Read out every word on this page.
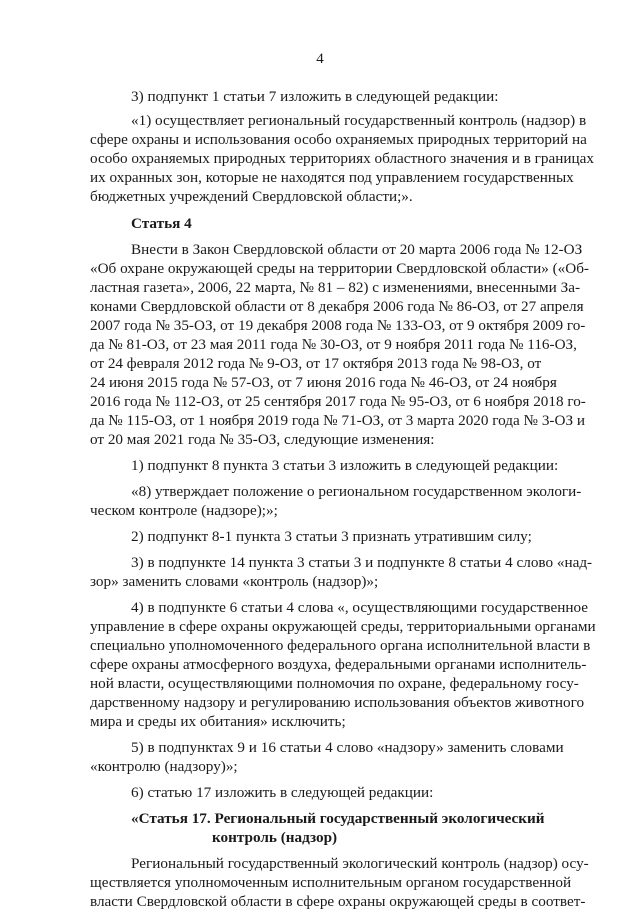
4
3) подпункт 1 статьи 7 изложить в следующей редакции:
«1) осуществляет региональный государственный контроль (надзор) в
сфере охраны и использования особо охраняемых природных территорий на
особо охраняемых природных территориях областного значения и в границах
их охранных зон, которые не находятся под управлением государственных
бюджетных учреждений Свердловской области;».
Статья 4
Внести в Закон Свердловской области от 20 марта 2006 года № 12-ОЗ
«Об охране окружающей среды на территории Свердловской области» («Об-
ластная газета», 2006, 22 марта, № 81 – 82) с изменениями, внесенными За-
конами Свердловской области от 8 декабря 2006 года № 86-ОЗ, от 27 апреля
2007 года № 35-ОЗ, от 19 декабря 2008 года № 133-ОЗ, от 9 октября 2009 го-
да № 81-ОЗ, от 23 мая 2011 года № 30-ОЗ, от 9 ноября 2011 года № 116-ОЗ,
от 24 февраля 2012 года № 9-ОЗ, от 17 октября 2013 года № 98-ОЗ, от
24 июня 2015 года № 57-ОЗ, от 7 июня 2016 года № 46-ОЗ, от 24 ноября
2016 года № 112-ОЗ, от 25 сентября 2017 года № 95-ОЗ, от 6 ноября 2018 го-
да № 115-ОЗ, от 1 ноября 2019 года № 71-ОЗ, от 3 марта 2020 года № 3-ОЗ и
от 20 мая 2021 года № 35-ОЗ, следующие изменения:
1) подпункт 8 пункта 3 статьи 3 изложить в следующей редакции:
«8) утверждает положение о региональном государственном экологи-
ческом контроле (надзоре);»;
2) подпункт 8-1 пункта 3 статьи 3 признать утратившим силу;
3) в подпункте 14 пункта 3 статьи 3 и подпункте 8 статьи 4 слово «над-
зор» заменить словами «контроль (надзор)»;
4) в подпункте 6 статьи 4 слова «, осуществляющими государственное
управление в сфере охраны окружающей среды, территориальными органами
специально уполномоченного федерального органа исполнительной власти в
сфере охраны атмосферного воздуха, федеральными органами исполнитель-
ной власти, осуществляющими полномочия по охране, федеральному госу-
дарственному надзору и регулированию использования объектов животного
мира и среды их обитания» исключить;
5) в подпунктах 9 и 16 статьи 4 слово «надзору» заменить словами
«контролю (надзору)»;
6) статью 17 изложить в следующей редакции:
«Статья 17. Региональный государственный экологический
контроль (надзор)
Региональный государственный экологический контроль (надзор) осу-
ществляется уполномоченным исполнительным органом государственной
власти Свердловской области в сфере охраны окружающей среды в соответ-
